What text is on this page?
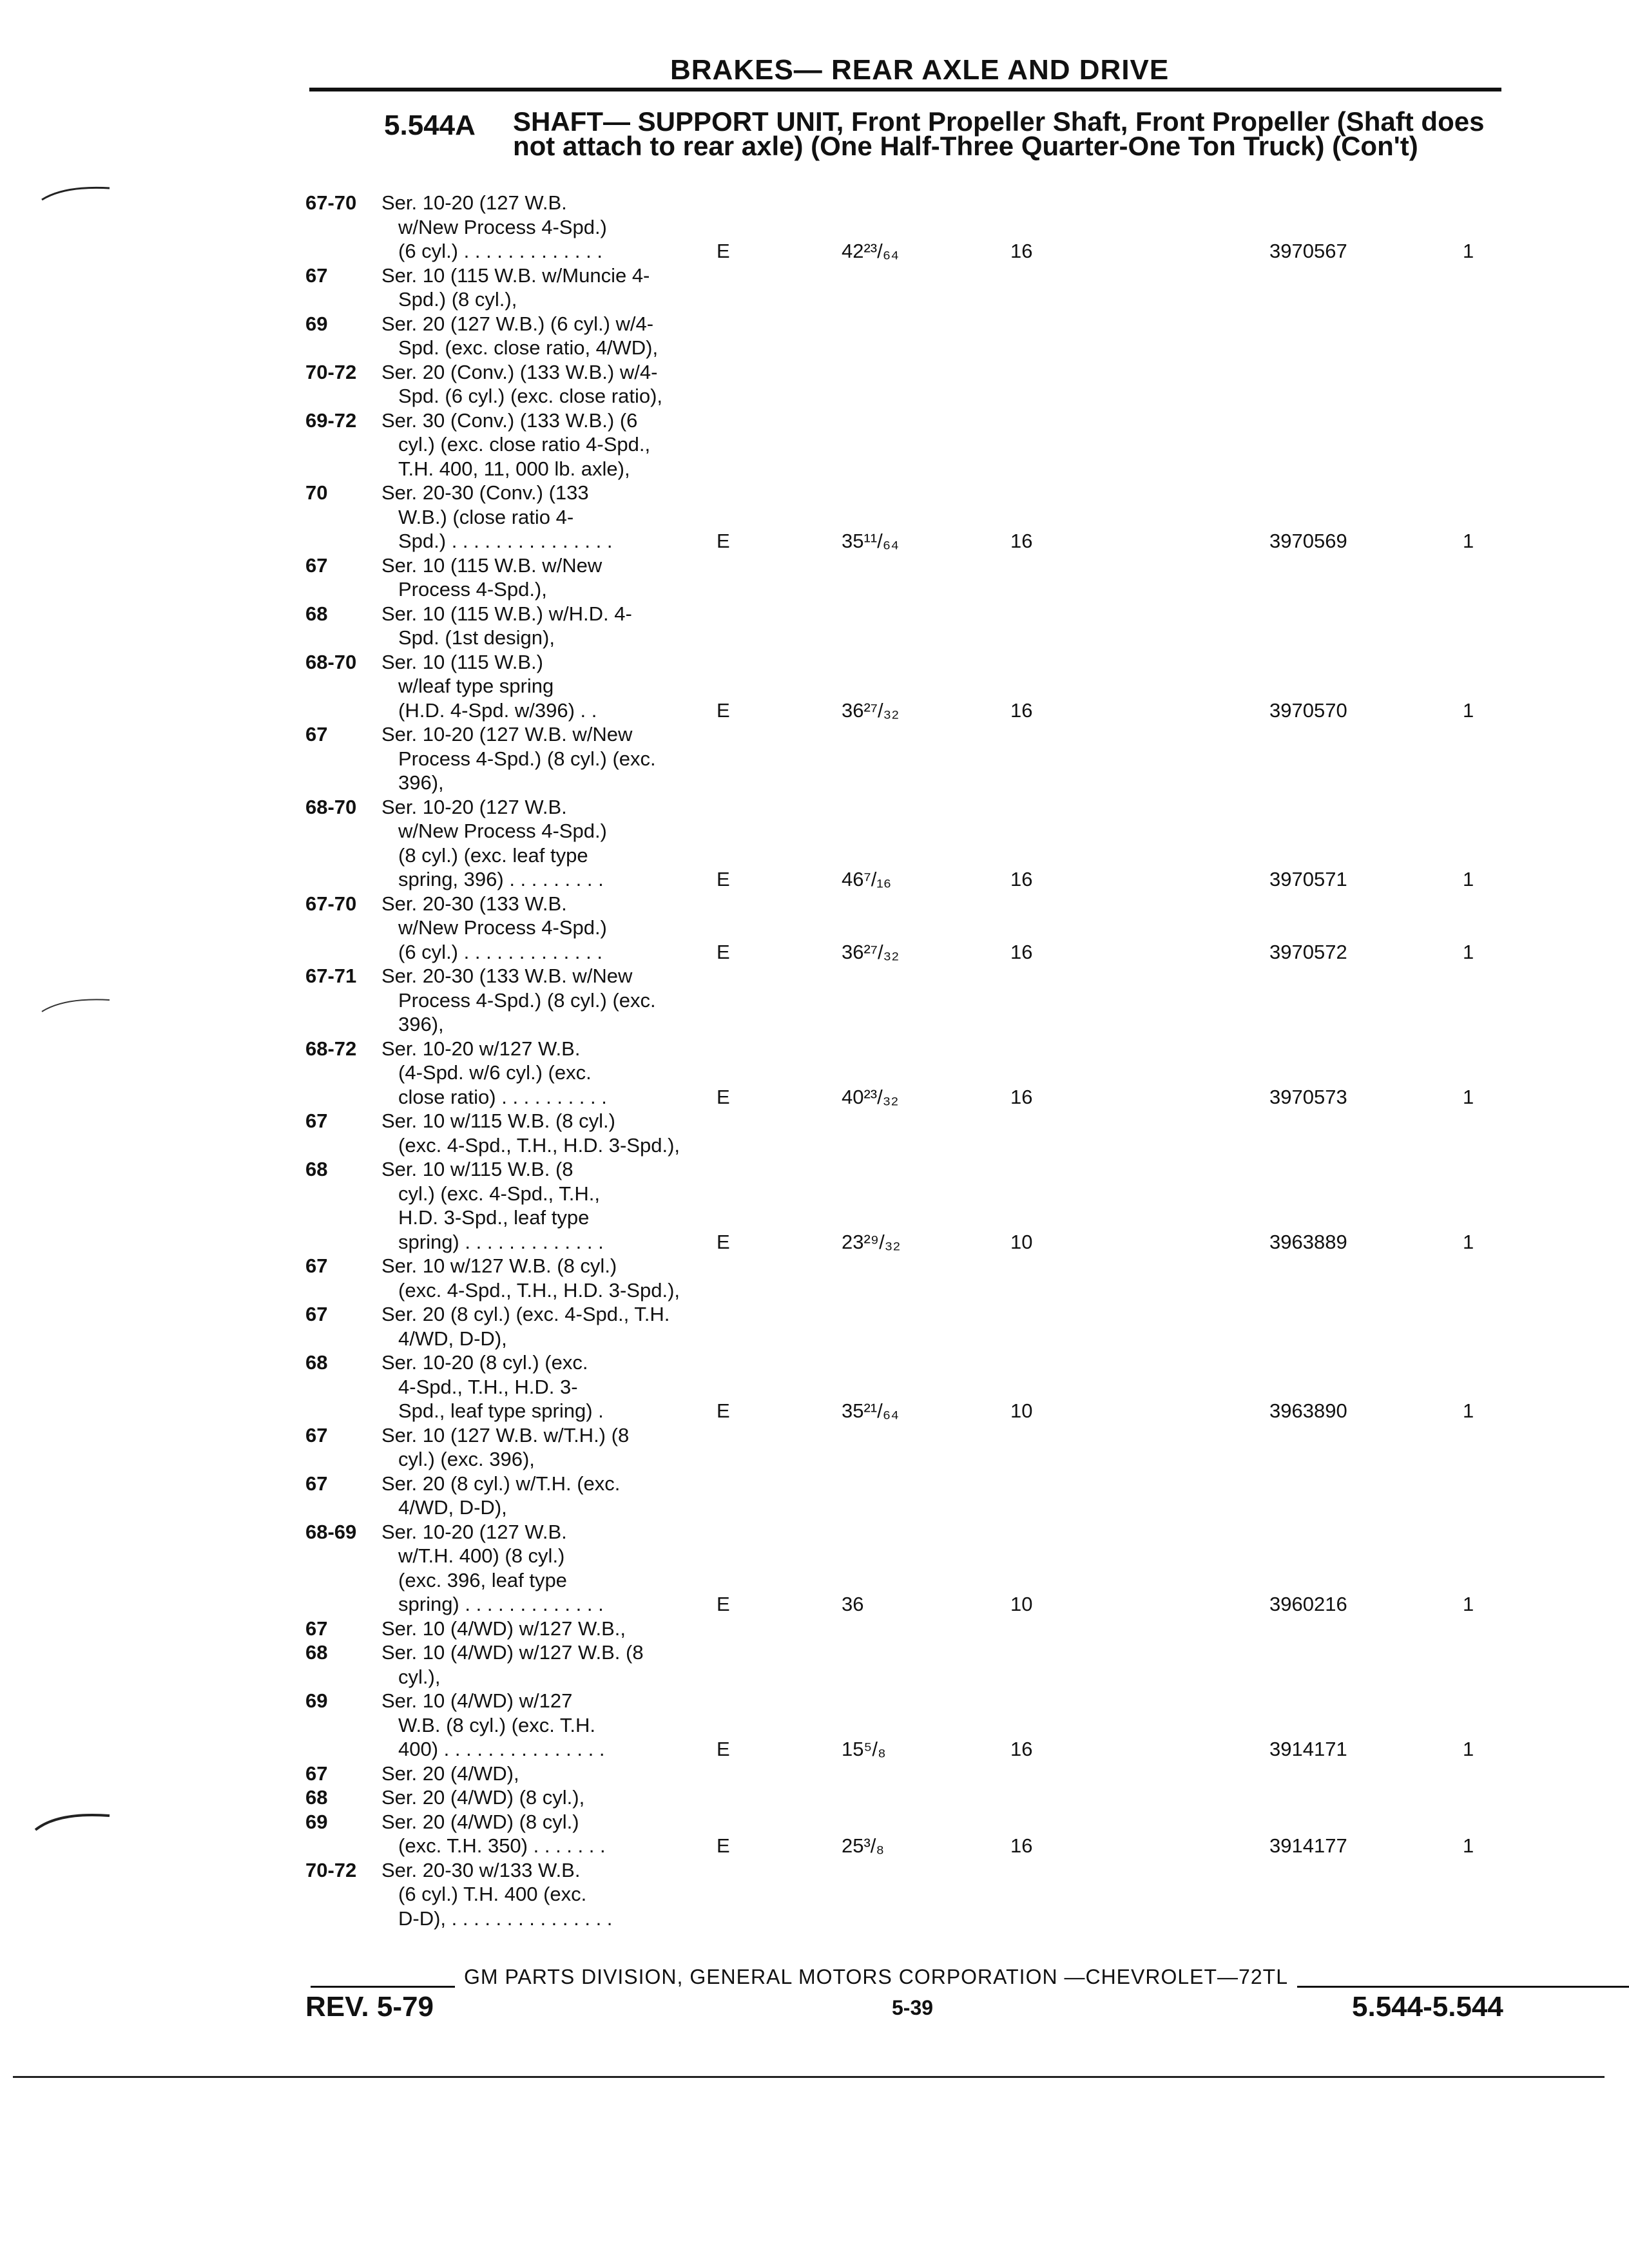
BRAKES— REAR AXLE AND DRIVE
5.544A SHAFT— SUPPORT UNIT, Front Propeller Shaft, Front Propeller (Shaft does not attach to rear axle) (One Half-Three Quarter-One Ton Truck) (Con't)
67-70 Ser. 10-20 (127 W.B.
w/New Process 4-Spd.)
(6 cyl.) . . . . . . . . . . . . .	E	42²³/₆₄	16	3970567	1
67	Ser. 10 (115 W.B. w/Muncie 4-
Spd.) (8 cyl.),
69	Ser. 20 (127 W.B.) (6 cyl.) w/4-
Spd. (exc. close ratio, 4/WD),
70-72 Ser. 20 (Conv.) (133 W.B.) w/4-
Spd. (6 cyl.) (exc. close ratio),
69-72 Ser. 30 (Conv.) (133 W.B.) (6
cyl.) (exc. close ratio 4-Spd.,
T.H. 400, 11, 000 lb. axle),
70	Ser. 20-30 (Conv.) (133
W.B.) (close ratio 4-
Spd.) . . . . . . . . . . . . . . .	E	35¹¹/₆₄	16	3970569	1
67	Ser. 10 (115 W.B. w/New
Process 4-Spd.),
68	Ser. 10 (115 W.B.) w/H.D. 4-
Spd. (1st design),
68-70 Ser. 10 (115 W.B.)
w/leaf type spring
(H.D. 4-Spd. w/396) . .	E	36²⁷/₃₂	16	3970570	1
67	Ser. 10-20 (127 W.B. w/New
Process 4-Spd.) (8 cyl.) (exc.
396),
68-70 Ser. 10-20 (127 W.B.
w/New Process 4-Spd.)
(8 cyl.) (exc. leaf type
spring, 396) . . . . . . . . .	E	46⁷/₁₆	16	3970571	1
67-70 Ser. 20-30 (133 W.B.
w/New Process 4-Spd.)
(6 cyl.) . . . . . . . . . . . . .	E	36²⁷/₃₂	16	3970572	1
67-71 Ser. 20-30 (133 W.B. w/New
Process 4-Spd.) (8 cyl.) (exc.
396),
68-72 Ser. 10-20 w/127 W.B.
(4-Spd. w/6 cyl.) (exc.
close ratio) . . . . . . . . . .	E	40²³/₃₂	16	3970573	1
67	Ser. 10 w/115 W.B. (8 cyl.)
(exc. 4-Spd., T.H., H.D. 3-Spd.),
68	Ser. 10 w/115 W.B. (8
cyl.) (exc. 4-Spd., T.H.,
H.D. 3-Spd., leaf type
spring) . . . . . . . . . . . . .	E	23²⁹/₃₂	10	3963889	1
67	Ser. 10 w/127 W.B. (8 cyl.)
(exc. 4-Spd., T.H., H.D. 3-Spd.),
67	Ser. 20 (8 cyl.) (exc. 4-Spd., T.H.
4/WD, D-D),
68	Ser. 10-20 (8 cyl.) (exc.
4-Spd., T.H., H.D. 3-
Spd., leaf type spring) .	E	35²¹/₆₄	10	3963890	1
67	Ser. 10 (127 W.B. w/T.H.) (8
cyl.) (exc. 396),
67	Ser. 20 (8 cyl.) w/T.H. (exc.
4/WD, D-D),
68-69 Ser. 10-20 (127 W.B.
w/T.H. 400) (8 cyl.)
(exc. 396, leaf type
spring) . . . . . . . . . . . . .	E	36	10	3960216	1
67	Ser. 10 (4/WD) w/127 W.B.,
68	Ser. 10 (4/WD) w/127 W.B. (8
cyl.),
69	Ser. 10 (4/WD) w/127
W.B. (8 cyl.) (exc. T.H.
400) . . . . . . . . . . . . . . .	E	15⁵/₈	16	3914171	1
67	Ser. 20 (4/WD),
68	Ser. 20 (4/WD) (8 cyl.),
69	Ser. 20 (4/WD) (8 cyl.)
(exc. T.H. 350) . . . . . . .	E	25³/₈	16	3914177	1
70-72 Ser. 20-30 w/133 W.B.
(6 cyl.) T.H. 400 (exc.
D-D), . . . . . . . . . . . . . . .
GM PARTS DIVISION, GENERAL MOTORS CORPORATION —CHEVROLET—72TL
REV. 5-79	5-39	5.544-5.544
